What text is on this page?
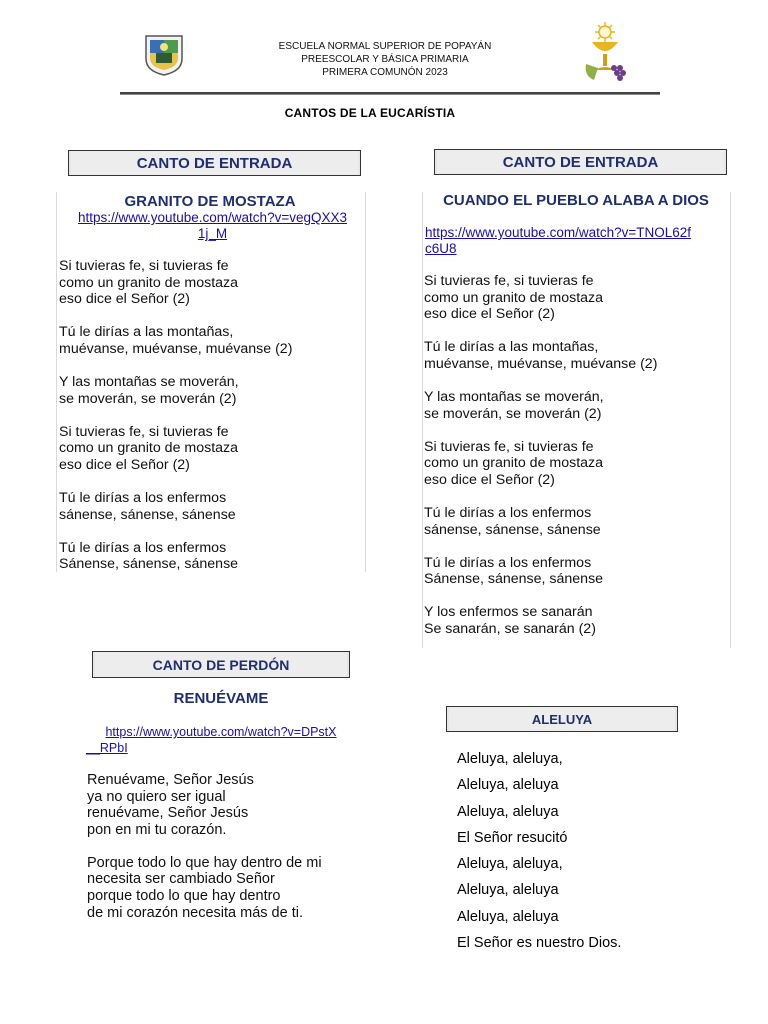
ESCUELA NORMAL SUPERIOR DE POPAYÁN
PREESCOLAR Y BÁSICA PRIMARIA
PRIMERA COMUNÓN 2023
CANTOS DE LA EUCARÍSTIA
CANTO DE ENTRADA
GRANITO DE MOSTAZA
https://www.youtube.com/watch?v=vegQXX3
1j_M
Si tuvieras fe, si tuvieras fe
como un granito de mostaza
eso dice el Señor (2)
Tú le dirías a las montañas,
muévanse, muévanse, muévanse (2)
Y las montañas se moverán,
se moverán, se moverán (2)
Si tuvieras fe, si tuvieras fe
como un granito de mostaza
eso dice el Señor (2)
Tú le dirías a los enfermos
sánense, sánense, sánense
Tú le dirías a los enfermos
Sánense, sánense, sánense
CANTO DE ENTRADA
CUANDO EL PUEBLO ALABA A DIOS
https://www.youtube.com/watch?v=TNOL62f
c6U8
Si tuvieras fe, si tuvieras fe
como un granito de mostaza
eso dice el Señor (2)
Tú le dirías a las montañas,
muévanse, muévanse, muévanse (2)
Y las montañas se moverán,
se moverán, se moverán (2)
Si tuvieras fe, si tuvieras fe
como un granito de mostaza
eso dice el Señor (2)
Tú le dirías a los enfermos
sánense, sánense, sánense
Tú le dirías a los enfermos
Sánense, sánense, sánense
Y los enfermos se sanarán
Se sanarán, se sanarán (2)
CANTO DE PERDÓN
RENUÉVAME
https://www.youtube.com/watch?v=DPstX
__RPbI
Renuévame, Señor Jesús
ya no quiero ser igual
renuévame, Señor Jesús
pon en mi tu corazón.
Porque todo lo que hay dentro de mi
necesita ser cambiado Señor
porque todo lo que hay dentro
de mi corazón necesita más de ti.
ALELUYA
Aleluya, aleluya,
Aleluya, aleluya
Aleluya, aleluya
El Señor resucitó
Aleluya, aleluya,
Aleluya, aleluya
Aleluya, aleluya
El Señor es nuestro Dios.
